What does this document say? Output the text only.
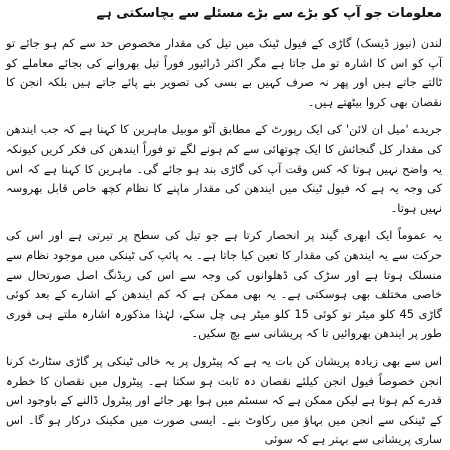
معلومات جو آپ کو بڑے سے بڑے مسئلے سے بچاسکتی ہے

لندن (نیوز ڈیسک) گاڑی کے فیول ٹینک میں تیل کی مقدار مخصوص حد سے کم ہو جائے تو آپ کو اس کا اشارہ تو مل جاتا ہے مگر اکثر ڈرائیور فوراً تیل بھروانے کی بجائے معاملے کو ٹالتے جاتے ہیں اور پھر نہ صرف کہیں بے بسی کی تصویر بنے پائے جاتے ہیں بلکہ انجن کا نقصان بھی کروا بیٹھتے ہیں۔

جریدے 'میل ان لائن' کی ایک رپورٹ کے مطابق آٹو موبیل ماہرین کا کہنا ہے کہ جب ایندھن کی مقدار کل گنجائش کا ایک چوتھائی سے کم ہونے لگے تو فوراً ایندھن کی فکر کریں کیونکہ یہ واضح نہیں ہوتا کہ کس وقت آپ کی گاڑی بند ہو جائے گی۔ ماہرین کا کہنا ہے کہ اس کی وجہ یہ ہے کہ فیول ٹینک میں ایندھن کی مقدار ماپنے کا نظام کچھ خاص قابل بھروسہ نہیں ہوتا۔

یہ عموماً ایک ابھری گیند پر انحصار کرتا ہے جو تیل کی سطح پر تیرتی ہے اور اس کی حرکت سے یہ ایندھن کی مقدار کا تعین کیا جاتا ہے۔ یہ پائپ کی ٹینکی میں موجود نظام سے منسلک ہوتا ہے اور سڑک کی ڈھلوانوں کی وجہ سے اس کی ریڈنگ اصل صورتحال سے خاصی مختلف بھی ہوسکتی ہے۔ یہ بھی ممکن ہے کہ کم ایندھن کے اشارے کے بعد کوئی گاڑی 45 کلو میٹر تو کوئی 15 کلو میٹر ہی چل سکے، لہٰذا مذکورہ اشارہ ملتے ہی فوری طور پر ایندھن بھروائیں تا کہ پریشانی سے بچ سکیں۔

اس سے بھی زیادہ پریشان کن بات یہ ہے کہ پیٹرول پر یہ خالی ٹینکی پر گاڑی سٹارٹ کرنا انجن خصوصاً فیول انجن کیلئے نقصان دہ ثابت ہو سکتا ہے۔ پیٹرول میں نقصان کا خطرہ قدرے کم ہوتا ہے لیکن ممکن ہے کہ سسٹم میں ہوا بھر جائے اور پیٹرول ڈالنے کے باوجود اس کے ٹینکی سے انجن میں بہاؤ میں رکاوٹ بنے۔ ایسی صورت میں مکینک درکار ہو گا۔ اس ساری پریشانی سے بہتر ہے کہ سوئی
